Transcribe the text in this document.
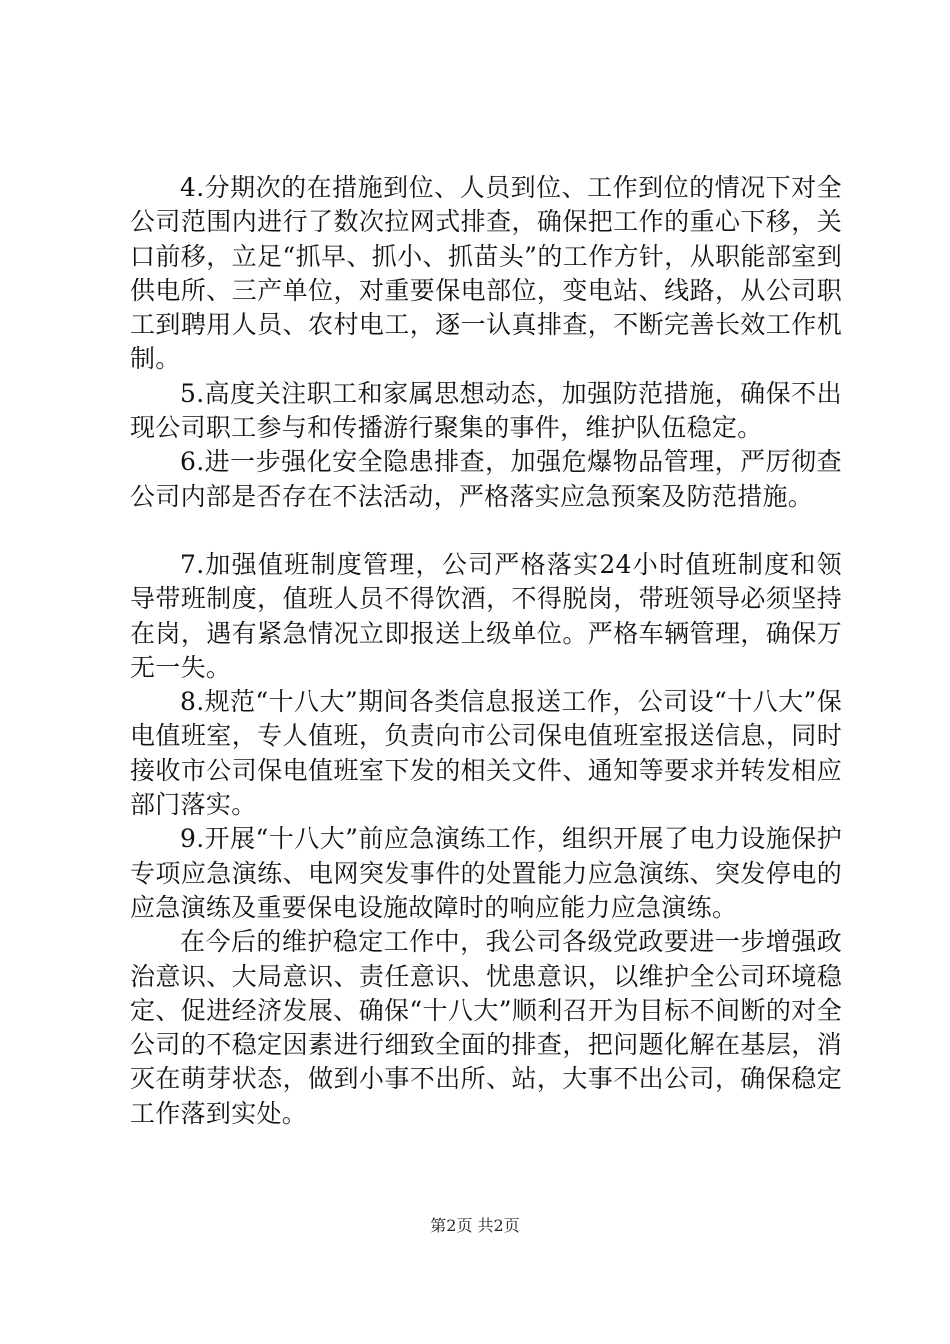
4.分期次的在措施到位、人员到位、工作到位的情况下对全公司范围内进行了数次拉网式排查，确保把工作的重心下移，关口前移，立足“抓早、抓小、抓苗头”的工作方针，从职能部室到供电所、三产单位，对重要保电部位，变电站、线路，从公司职工到聘用人员、农村电工，逐一认真排查，不断完善长效工作机制。

5.高度关注职工和家属思想动态，加强防范措施，确保不出现公司职工参与和传播游行聚集的事件，维护队伍稳定。

6.进一步强化安全隐患排查，加强危爆物品管理，严厉彻查公司内部是否存在不法活动，严格落实应急预案及防范措施。

7.加强值班制度管理，公司严格落实24小时值班制度和领导带班制度，值班人员不得饮酒，不得脱岗，带班领导必须坚持在岗，遇有紧急情况立即报送上级单位。严格车辆管理，确保万无一失。

8.规范“十八大”期间各类信息报送工作，公司设“十八大”保电值班室，专人值班，负责向市公司保电值班室报送信息，同时接收市公司保电值班室下发的相关文件、通知等要求并转发相应部门落实。

9.开展“十八大”前应急演练工作，组织开展了电力设施保护专项应急演练、电网突发事件的处置能力应急演练、突发停电的应急演练及重要保电设施故障时的响应能力应急演练。

在今后的维护稳定工作中，我公司各级党政要进一步增强政治意识、大局意识、责任意识、忧患意识，以维护全公司环境稳定、促进经济发展、确保“十八大”顺利召开为目标不间断的对全公司的不稳定因素进行细致全面的排查，把问题化解在基层，消灭在萌芽状态，做到小事不出所、站，大事不出公司，确保稳定工作落到实处。

第2页 共2页
